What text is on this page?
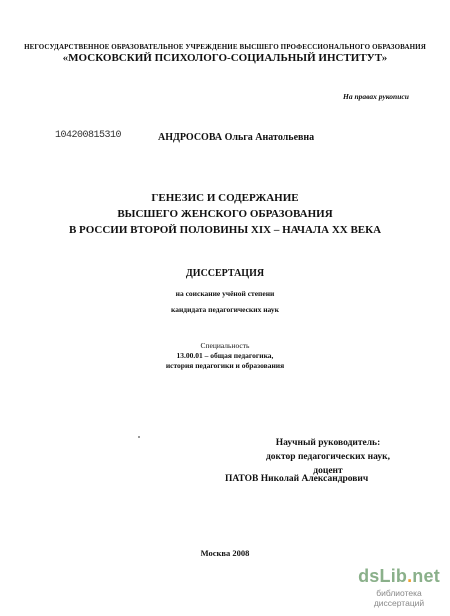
НЕГОСУДАРСТВЕННОЕ ОБРАЗОВАТЕЛЬНОЕ УЧРЕЖДЕНИЕ ВЫСШЕГО ПРОФЕССИОНАЛЬНОГО ОБРАЗОВАНИЯ
«МОСКОВСКИЙ ПСИХОЛОГО-СОЦИАЛЬНЫЙ ИНСТИТУТ»
На правах рукописи
104200815310	АНДРОСОВА Ольга Анатольевна
ГЕНЕЗИС И СОДЕРЖАНИЕ
ВЫСШЕГО ЖЕНСКОГО ОБРАЗОВАНИЯ
В РОССИИ ВТОРОЙ ПОЛОВИНЫ XIX – НАЧАЛА XX ВЕКА
ДИССЕРТАЦИЯ
на соискание учёной степени
кандидата педагогических наук
Специальность
13.00.01 – общая педагогика,
история педагогики и образования
Научный руководитель:
доктор педагогических наук,
доцент
ПАТОВ Николай Александрович
Москва 2008
dsLib.net
библиотека диссертаций
